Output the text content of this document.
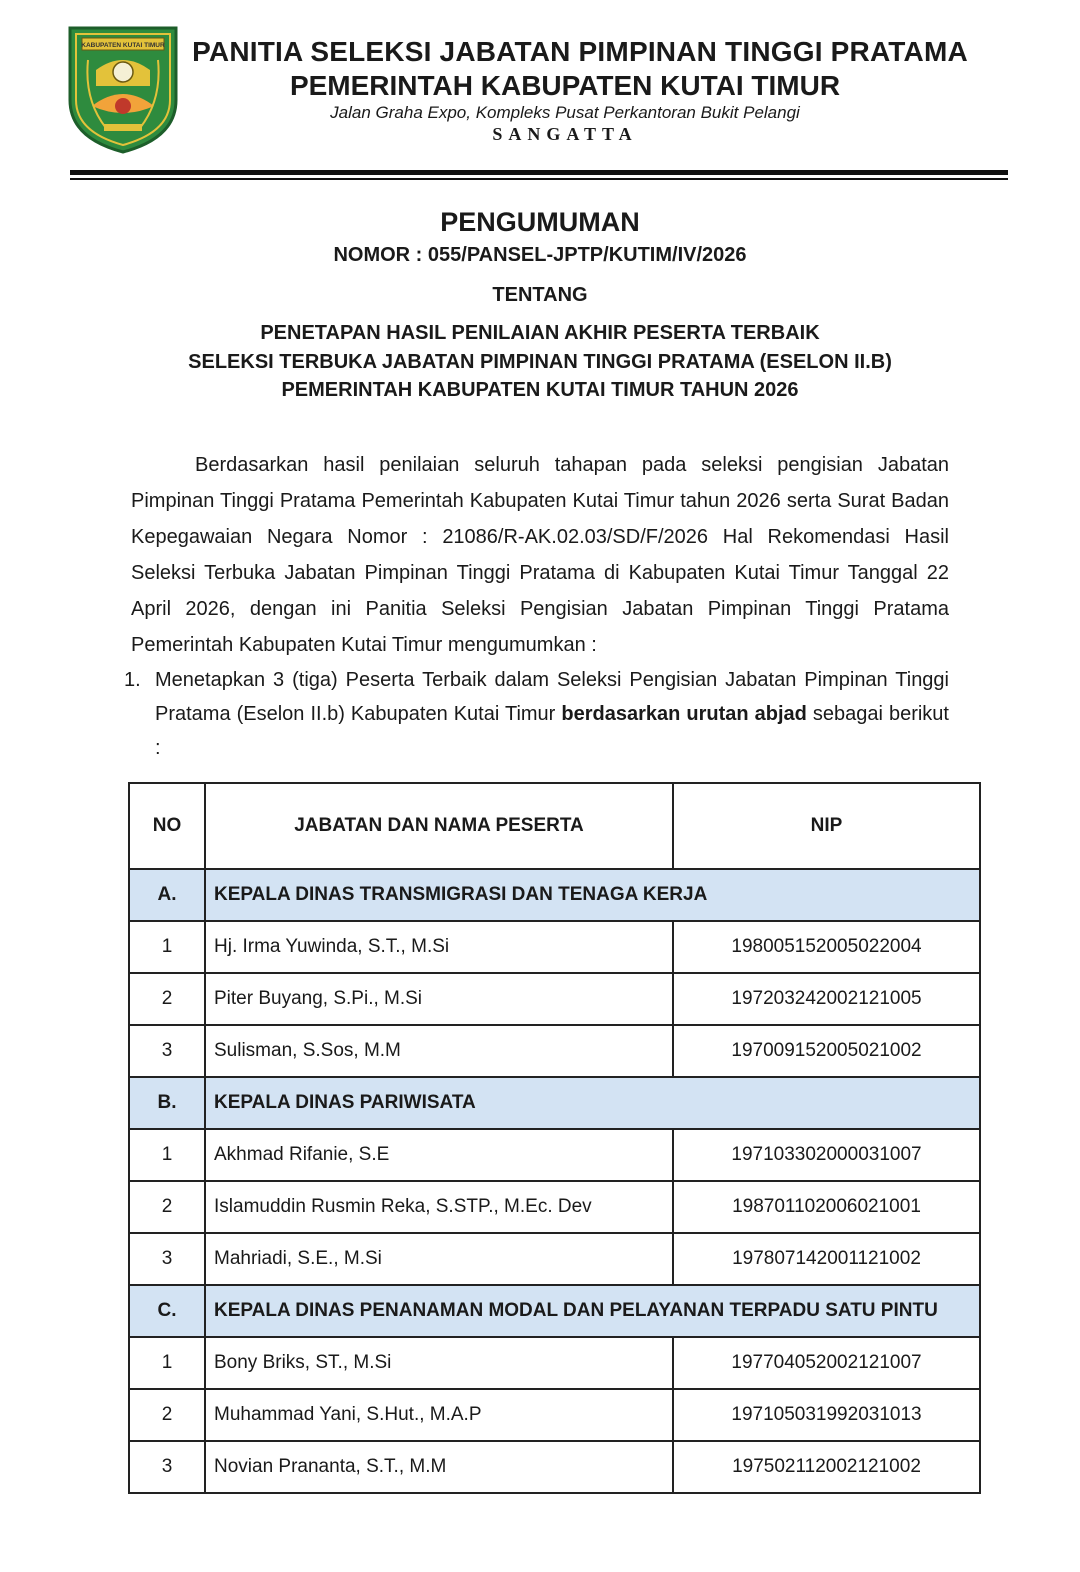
KABUPATEN KUTAI TIMUR PANITIA SELEKSI JABATAN PIMPINAN TINGGI PRATAMA
PEMERINTAH KABUPATEN KUTAI TIMUR
Jalan Graha Expo, Kompleks Pusat Perkantoran Bukit Pelangi
SANGATTA
PENGUMUMAN
NOMOR : 055/PANSEL-JPTP/KUTIM/IV/2026
TENTANG
PENETAPAN HASIL PENILAIAN AKHIR PESERTA TERBAIK
SELEKSI TERBUKA JABATAN PIMPINAN TINGGI PRATAMA (ESELON II.B)
PEMERINTAH KABUPATEN KUTAI TIMUR TAHUN 2026
Berdasarkan hasil penilaian seluruh tahapan pada seleksi pengisian Jabatan Pimpinan Tinggi Pratama Pemerintah Kabupaten Kutai Timur tahun 2026 serta Surat Badan Kepegawaian Negara Nomor : 21086/R-AK.02.03/SD/F/2026 Hal Rekomendasi Hasil Seleksi Terbuka Jabatan Pimpinan Tinggi Pratama di Kabupaten Kutai Timur Tanggal 22 April 2026, dengan ini Panitia Seleksi Pengisian Jabatan Pimpinan Tinggi Pratama Pemerintah Kabupaten Kutai Timur mengumumkan :
1. Menetapkan 3 (tiga) Peserta Terbaik dalam Seleksi Pengisian Jabatan Pimpinan Tinggi Pratama (Eselon II.b) Kabupaten Kutai Timur berdasarkan urutan abjad sebagai berikut :
NO	JABATAN DAN NAMA PESERTA	NIP
A.	KEPALA DINAS TRANSMIGRASI DAN TENAGA KERJA	
1	Hj. Irma Yuwinda, S.T., M.Si	198005152005022004
2	Piter Buyang, S.Pi., M.Si	197203242002121005
3	Sulisman, S.Sos, M.M	197009152005021002
B.	KEPALA DINAS PARIWISATA	
1	Akhmad Rifanie, S.E	197103302000031007
2	Islamuddin Rusmin Reka, S.STP., M.Ec. Dev	198701102006021001
3	Mahriadi, S.E., M.Si	197807142001121002
C.	KEPALA DINAS PENANAMAN MODAL DAN PELAYANAN TERPADU SATU PINTU	
1	Bony Briks, ST., M.Si	197704052002121007
2	Muhammad Yani, S.Hut., M.A.P	197105031992031013
3	Novian Prananta, S.T., M.M	197502112002121002
